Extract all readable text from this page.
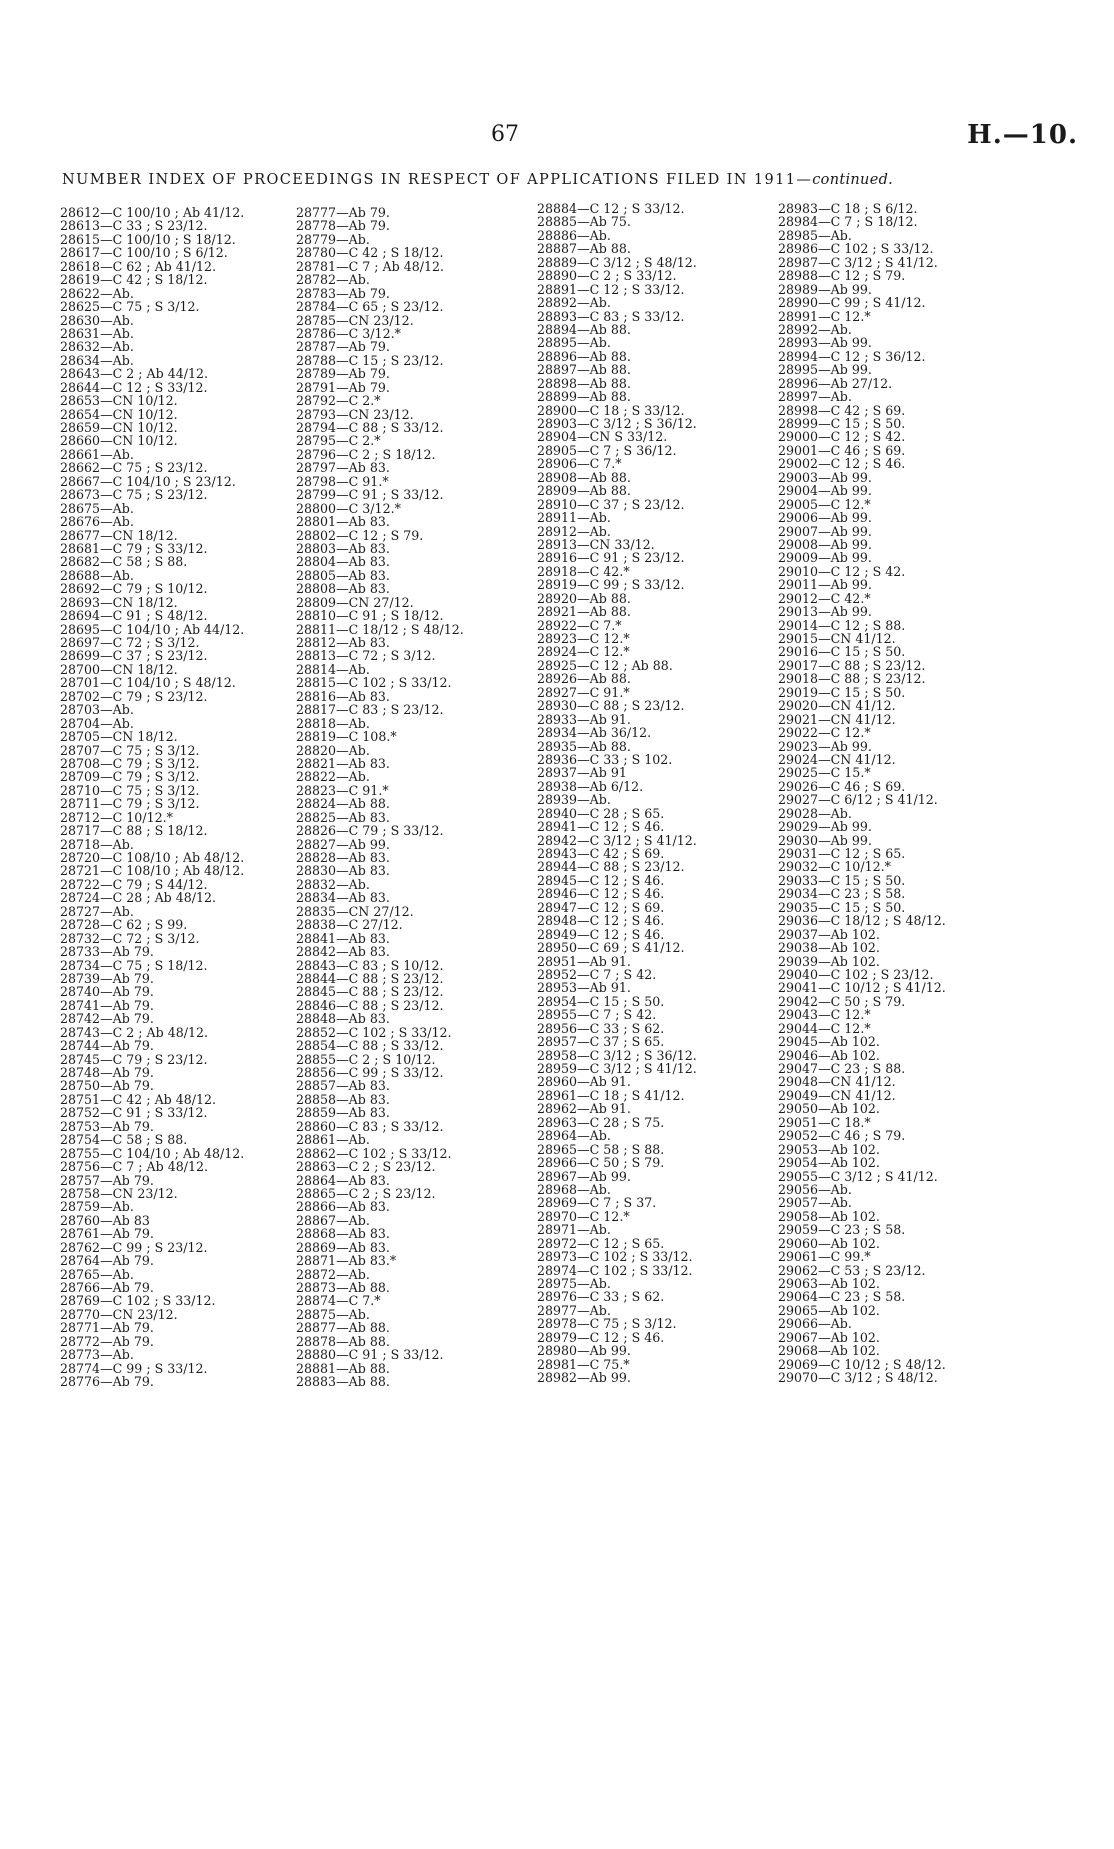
67	H.—10.
NUMBER INDEX OF PROCEEDINGS IN RESPECT OF APPLICATIONS FILED IN 1911—continued.
28612—C 100/10 ; Ab 41/12.
28613—C 33 ; S 23/12.
28615—C 100/10 ; S 18/12.
28617—C 100/10 ; S 6/12.
28618—C 62 ; Ab 41/12.
28619—C 42 ; S 18/12.
28622—Ab.
28625—C 75 ; S 3/12.
28630—Ab.
28631—Ab.
28632—Ab.
28634—Ab.
28643—C 2 ; Ab 44/12.
28644—C 12 ; S 33/12.
28653—CN 10/12.
28654—CN 10/12.
28659—CN 10/12.
28660—CN 10/12.
28661—Ab.
28662—C 75 ; S 23/12.
28667—C 104/10 ; S 23/12.
28673—C 75 ; S 23/12.
28675—Ab.
28676—Ab.
28677—CN 18/12.
28681—C 79 ; S 33/12.
28682—C 58 ; S 88.
28688—Ab.
28692—C 79 ; S 10/12.
28693—CN 18/12.
28694—C 91 ; S 48/12.
28695—C 104/10 ; Ab 44/12.
28697—C 72 ; S 3/12.
28699—C 37 ; S 23/12.
28700—CN 18/12.
28701—C 104/10 ; S 48/12.
28702—C 79 ; S 23/12.
28703—Ab.
28704—Ab.
28705—CN 18/12.
28707—C 75 ; S 3/12.
28708—C 79 ; S 3/12.
28709—C 79 ; S 3/12.
28710—C 75 ; S 3/12.
28711—C 79 ; S 3/12.
28712—C 10/12.*
28717—C 88 ; S 18/12.
28718—Ab.
28720—C 108/10 ; Ab 48/12.
28721—C 108/10 ; Ab 48/12.
28722—C 79 ; S 44/12.
28724—C 28 ; Ab 48/12.
28727—Ab.
28728—C 62 ; S 99.
28732—C 72 ; S 3/12.
28733—Ab 79.
28734—C 75 ; S 18/12.
28739—Ab 79.
28740—Ab 79.
28741—Ab 79.
28742—Ab 79.
28743—C 2 ; Ab 48/12.
28744—Ab 79.
28745—C 79 ; S 23/12.
28748—Ab 79.
28750—Ab 79.
28751—C 42 ; Ab 48/12.
28752—C 91 ; S 33/12.
28753—Ab 79.
28754—C 58 ; S 88.
28755—C 104/10 ; Ab 48/12.
28756—C 7 ; Ab 48/12.
28757—Ab 79.
28758—CN 23/12.
28759—Ab.
28760—Ab 83
28761—Ab 79.
28762—C 99 ; S 23/12.
28764—Ab 79.
28765—Ab.
28766—Ab 79.
28769—C 102 ; S 33/12.
28770—CN 23/12.
28771—Ab 79.
28772—Ab 79.
28773—Ab.
28774—C 99 ; S 33/12.
28776—Ab 79.
28777—Ab 79.
28778—Ab 79.
28779—Ab.
28780—C 42 ; S 18/12.
28781—C 7 ; Ab 48/12.
28782—Ab.
28783—Ab 79.
28784—C 65 ; S 23/12.
28785—CN 23/12.
28786—C 3/12.*
28787—Ab 79.
28788—C 15 ; S 23/12.
28789—Ab 79.
28791—Ab 79.
28792—C 2.*
28793—CN 23/12.
28794—C 88 ; S 33/12.
28795—C 2.*
28796—C 2 ; S 18/12.
28797—Ab 83.
28798—C 91.*
28799—C 91 ; S 33/12.
28800—C 3/12.*
28801—Ab 83.
28802—C 12 ; S 79.
28803—Ab 83.
28804—Ab 83.
28805—Ab 83.
28808—Ab 83.
28809—CN 27/12.
28810—C 91 ; S 18/12.
28811—C 18/12 ; S 48/12.
28812—Ab 83.
28813—C 72 ; S 3/12.
28814—Ab.
28815—C 102 ; S 33/12.
28816—Ab 83.
28817—C 83 ; S 23/12.
28818—Ab.
28819—C 108.*
28820—Ab.
28821—Ab 83.
28822—Ab.
28823—C 91.*
28824—Ab 88.
28825—Ab 83.
28826—C 79 ; S 33/12.
28827—Ab 99.
28828—Ab 83.
28830—Ab 83.
28832—Ab.
28834—Ab 83.
28835—CN 27/12.
28838—C 27/12.
28841—Ab 83.
28842—Ab 83.
28843—C 83 ; S 10/12.
28844—C 88 ; S 23/12.
28845—C 88 ; S 23/12.
28846—C 88 ; S 23/12.
28848—Ab 83.
28852—C 102 ; S 33/12.
28854—C 88 ; S 33/12.
28855—C 2 ; S 10/12.
28856—C 99 ; S 33/12.
28857—Ab 83.
28858—Ab 83.
28859—Ab 83.
28860—C 83 ; S 33/12.
28861—Ab.
28862—C 102 ; S 33/12.
28863—C 2 ; S 23/12.
28864—Ab 83.
28865—C 2 ; S 23/12.
28866—Ab 83.
28867—Ab.
28868—Ab 83.
28869—Ab 83.
28871—Ab 83.*
28872—Ab.
28873—Ab 88.
28874—C 7.*
28875—Ab.
28877—Ab 88.
28878—Ab 88.
28880—C 91 ; S 33/12.
28881—Ab 88.
28883—Ab 88.
28884—C 12 ; S 33/12.
28885—Ab 75.
28886—Ab.
28887—Ab 88.
28889—C 3/12 ; S 48/12.
28890—C 2 ; S 33/12.
28891—C 12 ; S 33/12.
28892—Ab.
28893—C 83 ; S 33/12.
28894—Ab 88.
28895—Ab.
28896—Ab 88.
28897—Ab 88.
28898—Ab 88.
28899—Ab 88.
28900—C 18 ; S 33/12.
28903—C 3/12 ; S 36/12.
28904—CN S 33/12.
28905—C 7 ; S 36/12.
28906—C 7.*
28908—Ab 88.
28909—Ab 88.
28910—C 37 ; S 23/12.
28911—Ab.
28912—Ab.
28913—CN 33/12.
28916—C 91 ; S 23/12.
28918—C 42.*
28919—C 99 ; S 33/12.
28920—Ab 88.
28921—Ab 88.
28922—C 7.*
28923—C 12.*
28924—C 12.*
28925—C 12 ; Ab 88.
28926—Ab 88.
28927—C 91.*
28930—C 88 ; S 23/12.
28933—Ab 91.
28934—Ab 36/12.
28935—Ab 88.
28936—C 33 ; S 102.
28937—Ab 91
28938—Ab 6/12.
28939—Ab.
28940—C 28 ; S 65.
28941—C 12 ; S 46.
28942—C 3/12 ; S 41/12.
28943—C 42 ; S 69.
28944—C 88 ; S 23/12.
28945—C 12 ; S 46.
28946—C 12 ; S 46.
28947—C 12 ; S 69.
28948—C 12 ; S 46.
28949—C 12 ; S 46.
28950—C 69 ; S 41/12.
28951—Ab 91.
28952—C 7 ; S 42.
28953—Ab 91.
28954—C 15 ; S 50.
28955—C 7 ; S 42.
28956—C 33 ; S 62.
28957—C 37 ; S 65.
28958—C 3/12 ; S 36/12.
28959—C 3/12 ; S 41/12.
28960—Ab 91.
28961—C 18 ; S 41/12.
28962—Ab 91.
28963—C 28 ; S 75.
28964—Ab.
28965—C 58 ; S 88.
28966—C 50 ; S 79.
28967—Ab 99.
28968—Ab.
28969—C 7 ; S 37.
28970—C 12.*
28971—Ab.
28972—C 12 ; S 65.
28973—C 102 ; S 33/12.
28974—C 102 ; S 33/12.
28975—Ab.
28976—C 33 ; S 62.
28977—Ab.
28978—C 75 ; S 3/12.
28979—C 12 ; S 46.
28980—Ab 99.
28981—C 75.*
28982—Ab 99.
28983—C 18 ; S 6/12.
28984—C 7 ; S 18/12.
28985—Ab.
28986—C 102 ; S 33/12.
28987—C 3/12 ; S 41/12.
28988—C 12 ; S 79.
28989—Ab 99.
28990—C 99 ; S 41/12.
28991—C 12.*
28992—Ab.
28993—Ab 99.
28994—C 12 ; S 36/12.
28995—Ab 99.
28996—Ab 27/12.
28997—Ab.
28998—C 42 ; S 69.
28999—C 15 ; S 50.
29000—C 12 ; S 42.
29001—C 46 ; S 69.
29002—C 12 ; S 46.
29003—Ab 99.
29004—Ab 99.
29005—C 12.*
29006—Ab 99.
29007—Ab 99.
29008—Ab 99.
29009—Ab 99.
29010—C 12 ; S 42.
29011—Ab 99.
29012—C 42.*
29013—Ab 99.
29014—C 12 ; S 88.
29015—CN 41/12.
29016—C 15 ; S 50.
29017—C 88 ; S 23/12.
29018—C 88 ; S 23/12.
29019—C 15 ; S 50.
29020—CN 41/12.
29021—CN 41/12.
29022—C 12.*
29023—Ab 99.
29024—CN 41/12.
29025—C 15.*
29026—C 46 ; S 69.
29027—C 6/12 ; S 41/12.
29028—Ab.
29029—Ab 99.
29030—Ab 99.
29031—C 12 ; S 65.
29032—C 10/12.*
29033—C 15 ; S 50.
29034—C 23 ; S 58.
29035—C 15 ; S 50.
29036—C 18/12 ; S 48/12.
29037—Ab 102.
29038—Ab 102.
29039—Ab 102.
29040—C 102 ; S 23/12.
29041—C 10/12 ; S 41/12.
29042—C 50 ; S 79.
29043—C 12.*
29044—C 12.*
29045—Ab 102.
29046—Ab 102.
29047—C 23 ; S 88.
29048—CN 41/12.
29049—CN 41/12.
29050—Ab 102.
29051—C 18.*
29052—C 46 ; S 79.
29053—Ab 102.
29054—Ab 102.
29055—C 3/12 ; S 41/12.
29056—Ab.
29057—Ab.
29058—Ab 102.
29059—C 23 ; S 58.
29060—Ab 102.
29061—C 99.*
29062—C 53 ; S 23/12.
29063—Ab 102.
29064—C 23 ; S 58.
29065—Ab 102.
29066—Ab.
29067—Ab 102.
29068—Ab 102.
29069—C 10/12 ; S 48/12.
29070—C 3/12 ; S 48/12.
